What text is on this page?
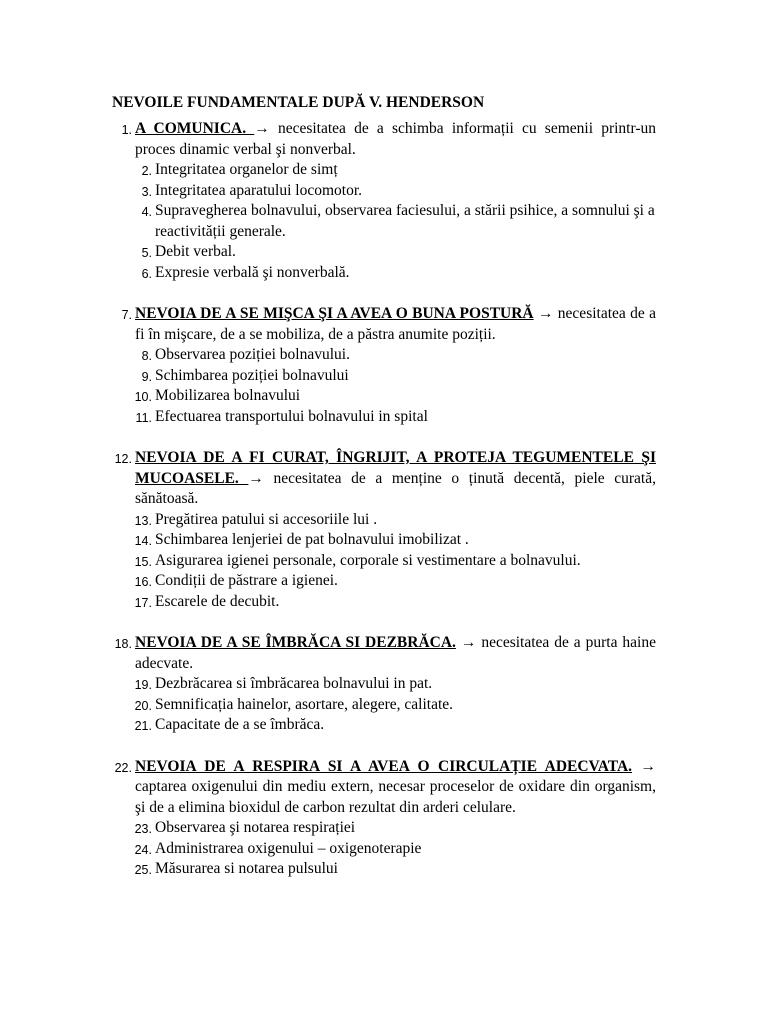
NEVOILE FUNDAMENTALE DUPĂ V. HENDERSON
1. A COMUNICA. → necesitatea de a schimba informații cu semenii printr-un proces dinamic verbal şi nonverbal.
2. Integritatea organelor de simț
3. Integritatea aparatului locomotor.
4. Supravegherea bolnavului, observarea faciesului, a stării psihice, a somnului şi a reactivității generale.
5. Debit verbal.
6. Expresie verbală şi nonverbală.
7. NEVOIA DE A SE MIŞCA ŞI A AVEA O BUNA POSTURĂ → necesitatea de a fi în mişcare, de a se mobiliza, de a păstra anumite poziții.
8. Observarea poziției bolnavului.
9. Schimbarea poziției bolnavului
10. Mobilizarea bolnavului
11. Efectuarea transportului bolnavului in spital
12. NEVOIA DE A FI CURAT, ÎNGRIJIT, A PROTEJA TEGUMENTELE ŞI MUCOASELE. → necesitatea de a menține o ținută decentă, piele curată, sănătoasă.
13. Pregătirea patului si accesoriile lui .
14. Schimbarea lenjeriei de pat bolnavului imobilizat .
15. Asigurarea igienei personale, corporale si vestimentare a bolnavului.
16. Condiții de păstrare a igienei.
17. Escarele de decubit.
18. NEVOIA DE A SE ÎMBRĂCA SI DEZBRĂCA. → necesitatea de a purta haine adecvate.
19. Dezbrăcarea si îmbrăcarea bolnavului in pat.
20. Semnificația hainelor, asortare, alegere, calitate.
21. Capacitate de a se îmbrăca.
22. NEVOIA DE A RESPIRA SI A AVEA O CIRCULAȚIE ADECVATA. → captarea oxigenului din mediu extern, necesar proceselor de oxidare din organism, şi de a elimina bioxidul de carbon rezultat din arderi celulare.
23. Observarea şi notarea respirației
24. Administrarea oxigenului – oxigenoterapie
25. Măsurarea si notarea pulsului
